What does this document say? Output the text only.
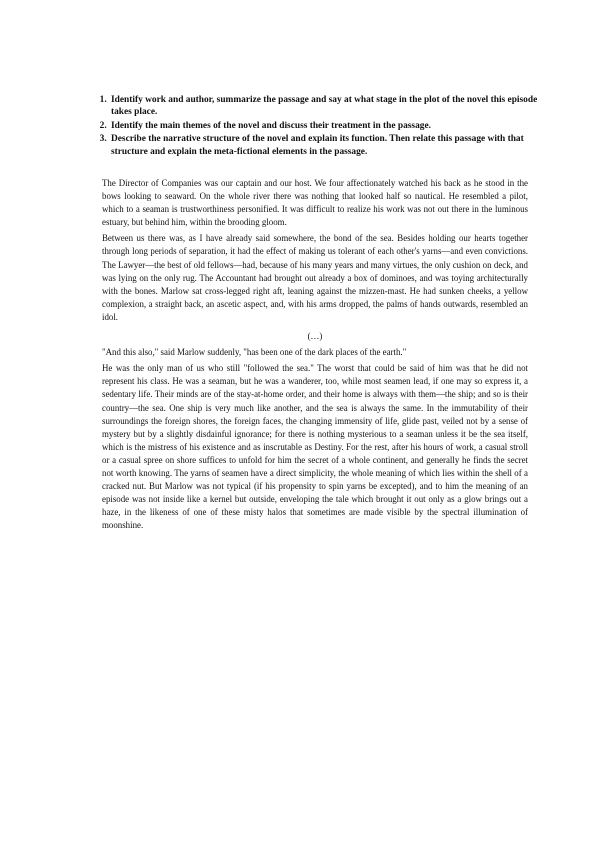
1. Identify work and author, summarize the passage and say at what stage in the plot of the novel this episode takes place.
2. Identify the main themes of the novel and discuss their treatment in the passage.
3. Describe the narrative structure of the novel and explain its function. Then relate this passage with that structure and explain the meta-fictional elements in the passage.

The Director of Companies was our captain and our host. We four affectionately watched his back as he stood in the bows looking to seaward. On the whole river there was nothing that looked half so nautical. He resembled a pilot, which to a seaman is trustworthiness personified. It was difficult to realize his work was not out there in the luminous estuary, but behind him, within the brooding gloom.

Between us there was, as I have already said somewhere, the bond of the sea. Besides holding our hearts together through long periods of separation, it had the effect of making us tolerant of each other's yarns—and even convictions. The Lawyer—the best of old fellows—had, because of his many years and many virtues, the only cushion on deck, and was lying on the only rug. The Accountant had brought out already a box of dominoes, and was toying architecturally with the bones. Marlow sat cross-legged right aft, leaning against the mizzen-mast. He had sunken cheeks, a yellow complexion, a straight back, an ascetic aspect, and, with his arms dropped, the palms of hands outwards, resembled an idol.

(…)

"And this also," said Marlow suddenly, "has been one of the dark places of the earth."

He was the only man of us who still "followed the sea." The worst that could be said of him was that he did not represent his class. He was a seaman, but he was a wanderer, too, while most seamen lead, if one may so express it, a sedentary life. Their minds are of the stay-at-home order, and their home is always with them—the ship; and so is their country—the sea. One ship is very much like another, and the sea is always the same. In the immutability of their surroundings the foreign shores, the foreign faces, the changing immensity of life, glide past, veiled not by a sense of mystery but by a slightly disdainful ignorance; for there is nothing mysterious to a seaman unless it be the sea itself, which is the mistress of his existence and as inscrutable as Destiny. For the rest, after his hours of work, a casual stroll or a casual spree on shore suffices to unfold for him the secret of a whole continent, and generally he finds the secret not worth knowing. The yarns of seamen have a direct simplicity, the whole meaning of which lies within the shell of a cracked nut. But Marlow was not typical (if his propensity to spin yarns be excepted), and to him the meaning of an episode was not inside like a kernel but outside, enveloping the tale which brought it out only as a glow brings out a haze, in the likeness of one of these misty halos that sometimes are made visible by the spectral illumination of moonshine.
